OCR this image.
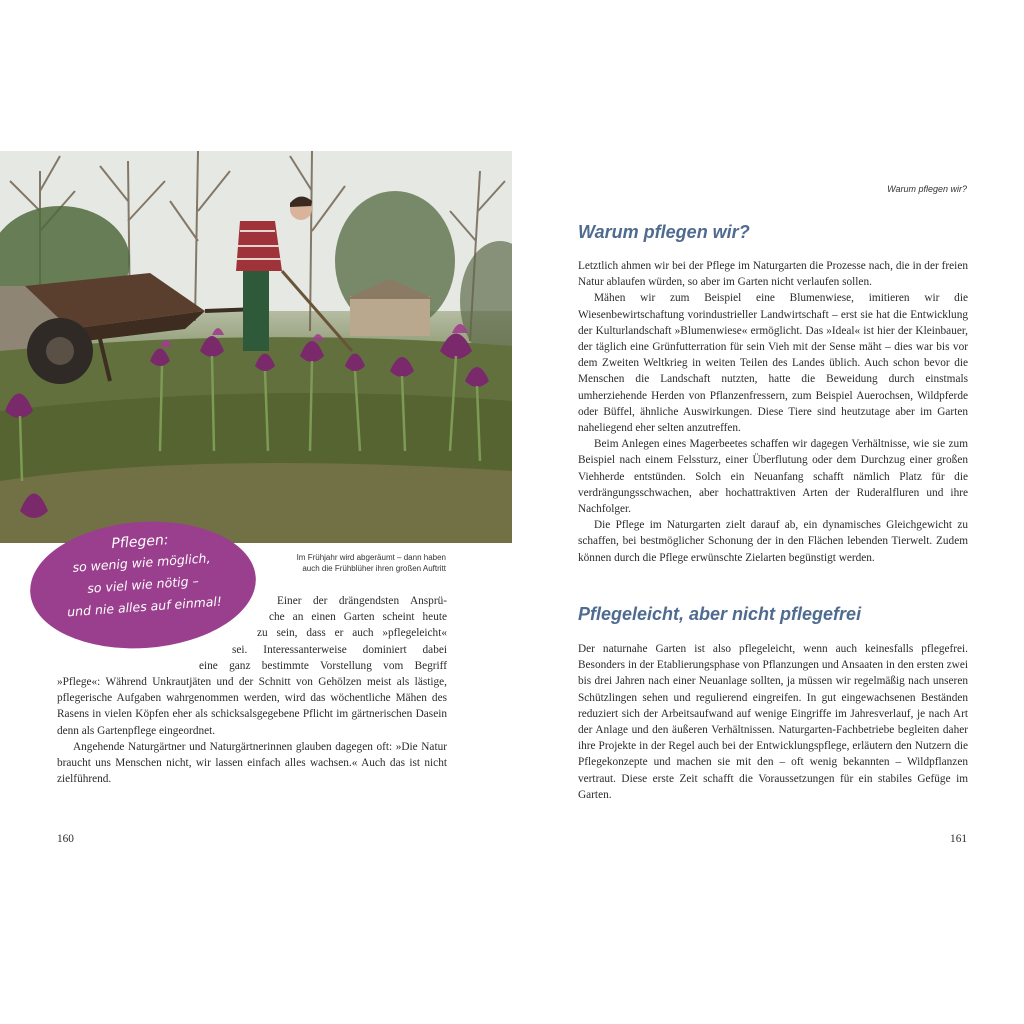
Im Frühjahr wird abgeräumt – dann haben
auch die Frühblüher ihren großen Auftritt
Pflegen:
so wenig wie möglich,
so viel wie nötig –
und nie alles auf einmal!	Einer der drängendsten Ansprü-
che an einen Garten scheint heute
zu sein, dass er auch »pflegeleicht«
sei. Interessanterweise dominiert dabei
eine ganz bestimmte Vorstellung vom Begriff

»Pflege«: Während Unkrautjäten und der Schnitt von Gehölzen meist als lästige, pflegerische Aufgaben wahrgenommen werden, wird das wöchentliche Mähen des Rasens in vielen Köpfen eher als schicksalsgegebene Pflicht im gärtnerischen Dasein denn als Gartenpflege eingeordnet.

Angehende Naturgärtner und Naturgärtnerinnen glauben dagegen oft: »Die Natur braucht uns Menschen nicht, wir lassen einfach alles wachsen.« Auch das ist nicht zielführend.

160
Warum pflegen wir?
Warum pflegen wir?

Letztlich ahmen wir bei der Pflege im Naturgarten die Prozesse nach, die in der freien Natur ablaufen würden, so aber im Garten nicht verlaufen sollen.

Mähen wir zum Beispiel eine Blumenwiese, imitieren wir die Wiesenbewirtschaftung vorindustrieller Landwirtschaft – erst sie hat die Entwicklung der Kulturlandschaft »Blumenwiese« ermöglicht. Das »Ideal« ist hier der Kleinbauer, der täglich eine Grünfutterration für sein Vieh mit der Sense mäht – dies war bis vor dem Zweiten Weltkrieg in weiten Teilen des Landes üblich. Auch schon bevor die Menschen die Landschaft nutzten, hatte die Beweidung durch einstmals umherziehende Herden von Pflanzenfressern, zum Beispiel Auerochsen, Wildpferde oder Büffel, ähnliche Auswirkungen. Diese Tiere sind heutzutage aber im Garten naheliegend eher selten anzutreffen.

Beim Anlegen eines Magerbeetes schaffen wir dagegen Verhältnisse, wie sie zum Beispiel nach einem Felssturz, einer Überflutung oder dem Durchzug einer großen Viehherde entstünden. Solch ein Neuanfang schafft nämlich Platz für die verdrängungsschwachen, aber hochattraktiven Arten der Ruderalfluren und ihre Nachfolger.

Die Pflege im Naturgarten zielt darauf ab, ein dynamisches Gleichgewicht zu schaffen, bei bestmöglicher Schonung der in den Flächen lebenden Tierwelt. Zudem können durch die Pflege erwünschte Zielarten begünstigt werden.

Pflegeleicht, aber nicht pflegefrei

Der naturnahe Garten ist also pflegeleicht, wenn auch keinesfalls pflegefrei. Besonders in der Etablierungsphase von Pflanzungen und Ansaaten in den ersten zwei bis drei Jahren nach einer Neuanlage sollten, ja müssen wir regelmäßig nach unseren Schützlingen sehen und regulierend eingreifen. In gut eingewachsenen Beständen reduziert sich der Arbeitsaufwand auf wenige Eingriffe im Jahresverlauf, je nach Art der Anlage und den äußeren Verhältnissen. Naturgarten-Fachbetriebe begleiten daher ihre Projekte in der Regel auch bei der Entwicklungspflege, erläutern den Nutzern die Pflegekonzepte und machen sie mit den – oft wenig bekannten – Wildpflanzen vertraut. Diese erste Zeit schafft die Voraussetzungen für ein stabiles Gefüge im Garten.

161
